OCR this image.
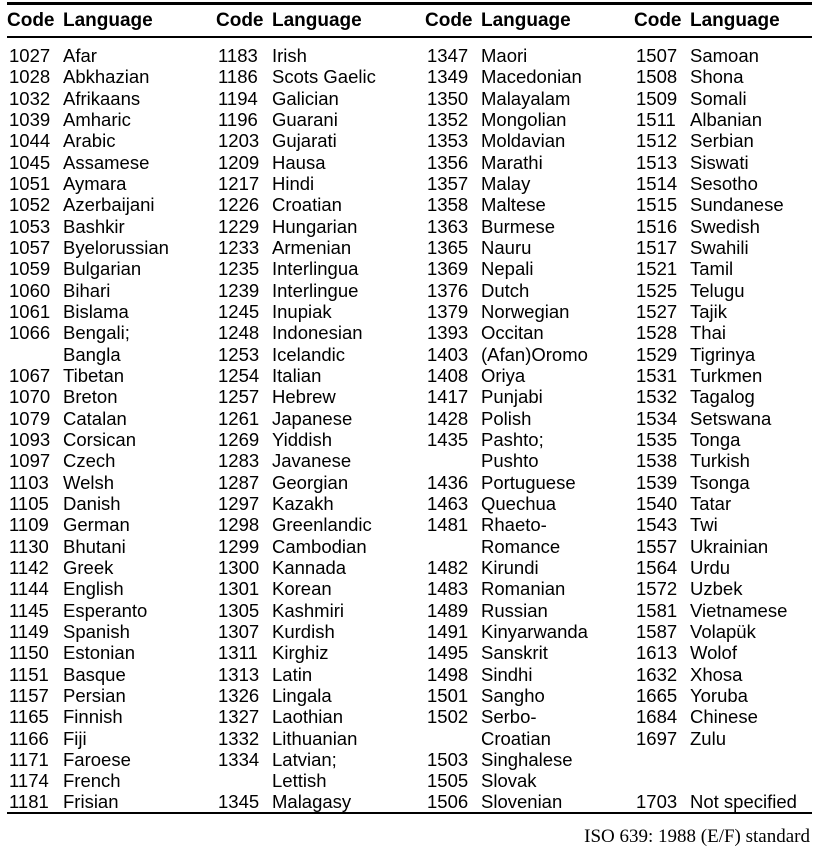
Code Language
1027 Afar
1028 Abkhazian
1032 Afrikaans
1039 Amharic
1044 Arabic
1045 Assamese
1051 Aymara
1052 Azerbaijani
1053 Bashkir
1057 Byelorussian
1059 Bulgarian
1060 Bihari
1061 Bislama
1066 Bengali;
Bangla
1067 Tibetan
1070 Breton
1079 Catalan
1093 Corsican
1097 Czech
1103 Welsh
1105 Danish
1109 German
1130 Bhutani
1142 Greek
1144 English
1145 Esperanto
1149 Spanish
1150 Estonian
1151 Basque
1157 Persian
1165 Finnish
1166 Fiji
1171 Faroese
1174 French
1181 Frisian
Code Language
1183 Irish
1186 Scots Gaelic
1194 Galician
1196 Guarani
1203 Gujarati
1209 Hausa
1217 Hindi
1226 Croatian
1229 Hungarian
1233 Armenian
1235 Interlingua
1239 Interlingue
1245 Inupiak
1248 Indonesian
1253 Icelandic
1254 Italian
1257 Hebrew
1261 Japanese
1269 Yiddish
1283 Javanese
1287 Georgian
1297 Kazakh
1298 Greenlandic
1299 Cambodian
1300 Kannada
1301 Korean
1305 Kashmiri
1307 Kurdish
1311 Kirghiz
1313 Latin
1326 Lingala
1327 Laothian
1332 Lithuanian
1334 Latvian;
Lettish
1345 Malagasy
Code Language
1347 Maori
1349 Macedonian
1350 Malayalam
1352 Mongolian
1353 Moldavian
1356 Marathi
1357 Malay
1358 Maltese
1363 Burmese
1365 Nauru
1369 Nepali
1376 Dutch
1379 Norwegian
1393 Occitan
1403 (Afan)Oromo
1408 Oriya
1417 Punjabi
1428 Polish
1435 Pashto;
Pushto
1436 Portuguese
1463 Quechua
1481 Rhaeto-
Romance
1482 Kirundi
1483 Romanian
1489 Russian
1491 Kinyarwanda
1495 Sanskrit
1498 Sindhi
1501 Sangho
1502 Serbo-
Croatian
1503 Singhalese
1505 Slovak
1506 Slovenian
Code Language
1507 Samoan
1508 Shona
1509 Somali
1511 Albanian
1512 Serbian
1513 Siswati
1514 Sesotho
1515 Sundanese
1516 Swedish
1517 Swahili
1521 Tamil
1525 Telugu
1527 Tajik
1528 Thai
1529 Tigrinya
1531 Turkmen
1532 Tagalog
1534 Setswana
1535 Tonga
1538 Turkish
1539 Tsonga
1540 Tatar
1543 Twi
1557 Ukrainian
1564 Urdu
1572 Uzbek
1581 Vietnamese
1587 Volapük
1613 Wolof
1632 Xhosa
1665 Yoruba
1684 Chinese
1697 Zulu
1703 Not specified
ISO 639: 1988 (E/F) standard
